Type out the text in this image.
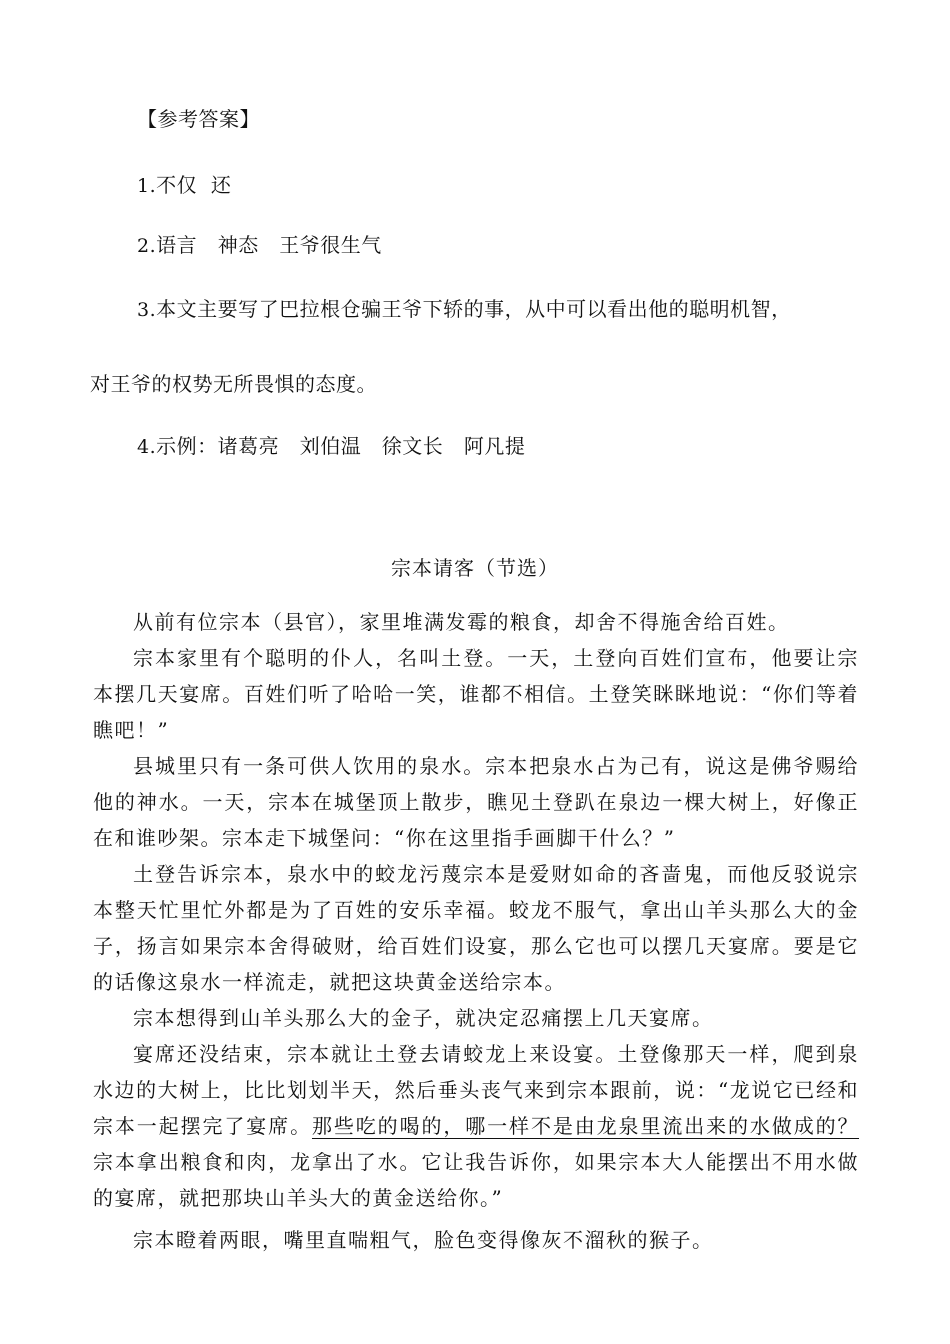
【参考答案】
1.不仅  还
2.语言   神态   王爷很生气
3.本文主要写了巴拉根仓骗王爷下轿的事，从中可以看出他的聪明机智，
对王爷的权势无所畏惧的态度。
4.示例：诸葛亮   刘伯温   徐文长   阿凡提
宗本请客（节选）

从前有位宗本（县官），家里堆满发霉的粮食，却舍不得施舍给百姓。

宗本家里有个聪明的仆人，名叫土登。一天，土登向百姓们宣布，他要让宗本摆几天宴席。百姓们听了哈哈一笑，谁都不相信。土登笑眯眯地说：“你们等着瞧吧！”

县城里只有一条可供人饮用的泉水。宗本把泉水占为己有，说这是佛爷赐给他的神水。一天，宗本在城堡顶上散步，瞧见土登趴在泉边一棵大树上，好像正在和谁吵架。宗本走下城堡问：“你在这里指手画脚干什么？”

土登告诉宗本，泉水中的蛟龙污蔑宗本是爱财如命的吝啬鬼，而他反驳说宗本整天忙里忙外都是为了百姓的安乐幸福。蛟龙不服气，拿出山羊头那么大的金子，扬言如果宗本舍得破财，给百姓们设宴，那么它也可以摆几天宴席。要是它的话像这泉水一样流走，就把这块黄金送给宗本。

宗本想得到山羊头那么大的金子，就决定忍痛摆上几天宴席。

宴席还没结束，宗本就让土登去请蛟龙上来设宴。土登像那天一样，爬到泉水边的大树上，比比划划半天，然后垂头丧气来到宗本跟前，说：“龙说它已经和宗本一起摆完了宴席。那些吃的喝的，哪一样不是由龙泉里流出来的水做成的？宗本拿出粮食和肉，龙拿出了水。它让我告诉你，如果宗本大人能摆出不用水做的宴席，就把那块山羊头大的黄金送给你。”

宗本瞪着两眼，嘴里直喘粗气，脸色变得像灰不溜秋的猴子。
